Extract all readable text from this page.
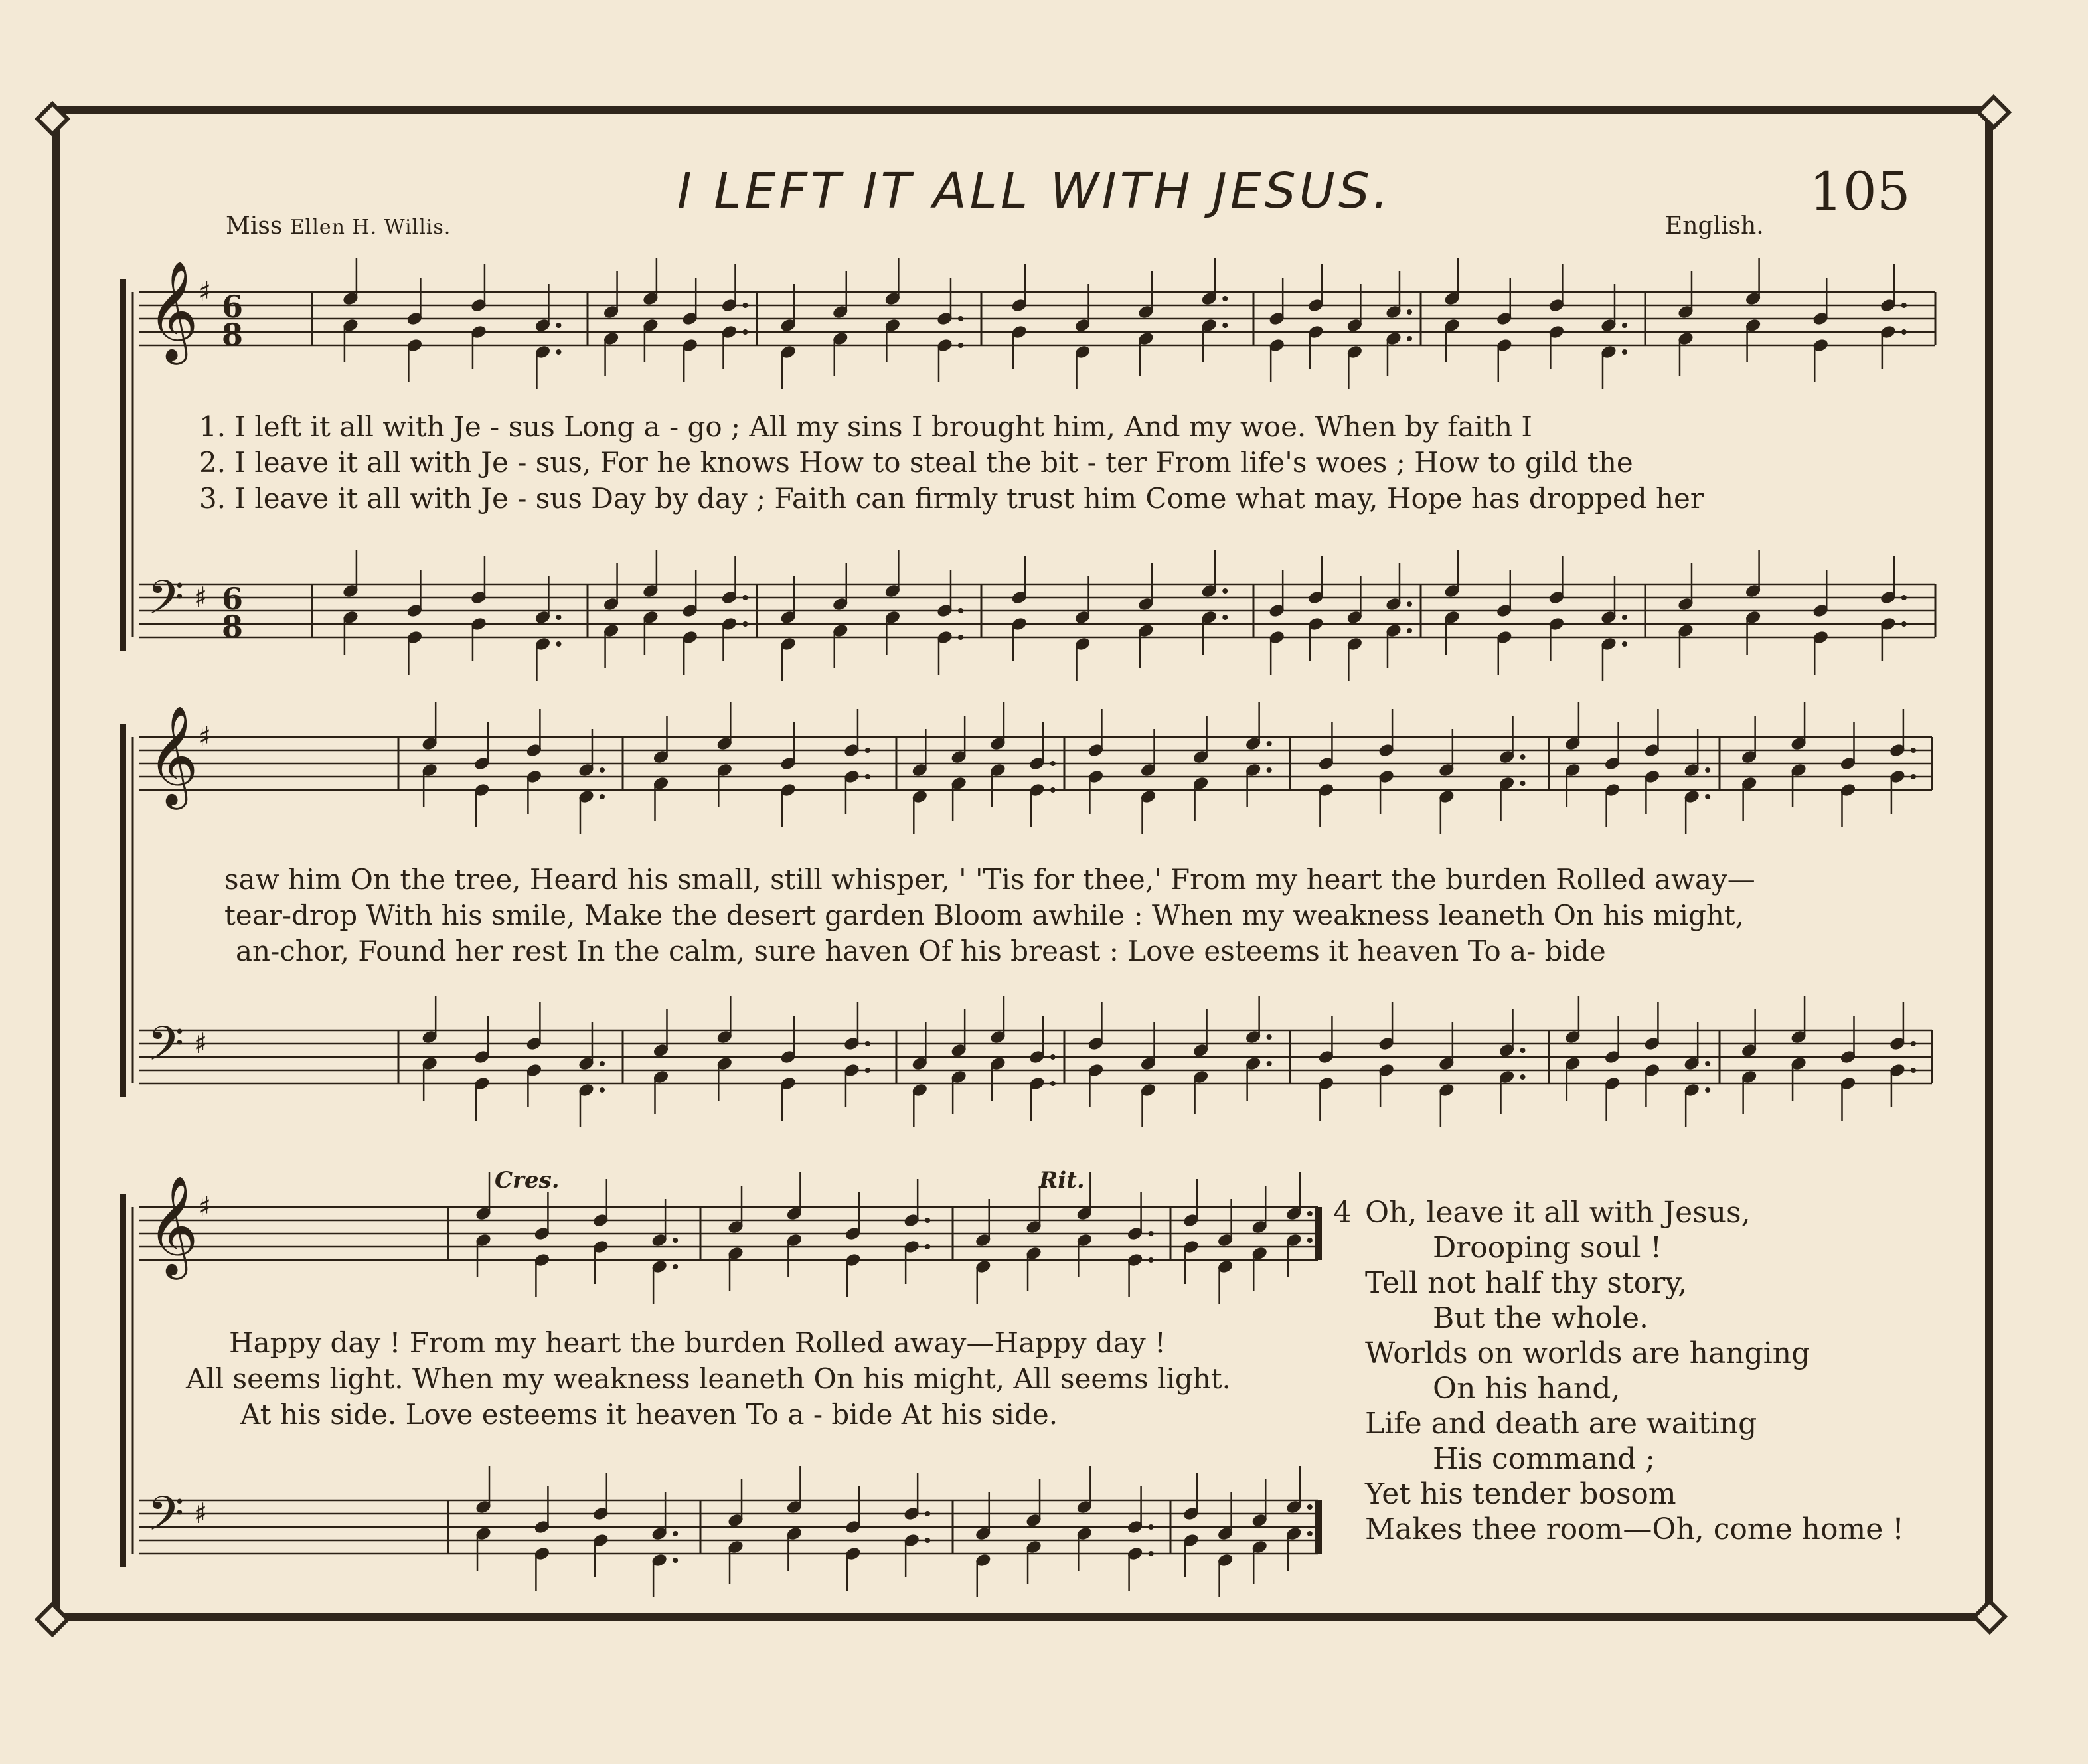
I LEFT IT ALL WITH JESUS.	105
Miss Ellen H. Willis.	English.
𝄞 ♯ 6
8
𝄢 ♯ 6
8
𝄞 ♯
𝄢 ♯
𝄞 ♯
𝄢 ♯
Cres.	Rit.
1. I left it all with Je - sus Long a - go ; All my sins I brought him, And my woe. When by faith I
2. I leave it all with Je - sus, For he knows How to steal the bit - ter From life's woes ; How to gild the
3. I leave it all with Je - sus Day by day ; Faith can firmly trust him Come what may, Hope has dropped her
saw him On the tree, Heard his small, still whisper, ' 'Tis for thee,' From my heart the burden Rolled away—
tear-drop With his smile, Make the desert garden Bloom awhile : When my weakness leaneth On his might,
an-chor, Found her rest In the calm, sure haven Of his breast : Love esteems it heaven To a- bide
Happy day ! From my heart the burden Rolled away—Happy day !
All seems light. When my weakness leaneth On his might, All seems light.
At his side. Love esteems it heaven To a - bide At his side.
4 Oh, leave it all with Jesus,
Drooping soul !
Tell not half thy story,
But the whole.
Worlds on worlds are hanging
On his hand,
Life and death are waiting
His command ;
Yet his tender bosom
Makes thee room—Oh, come home !
